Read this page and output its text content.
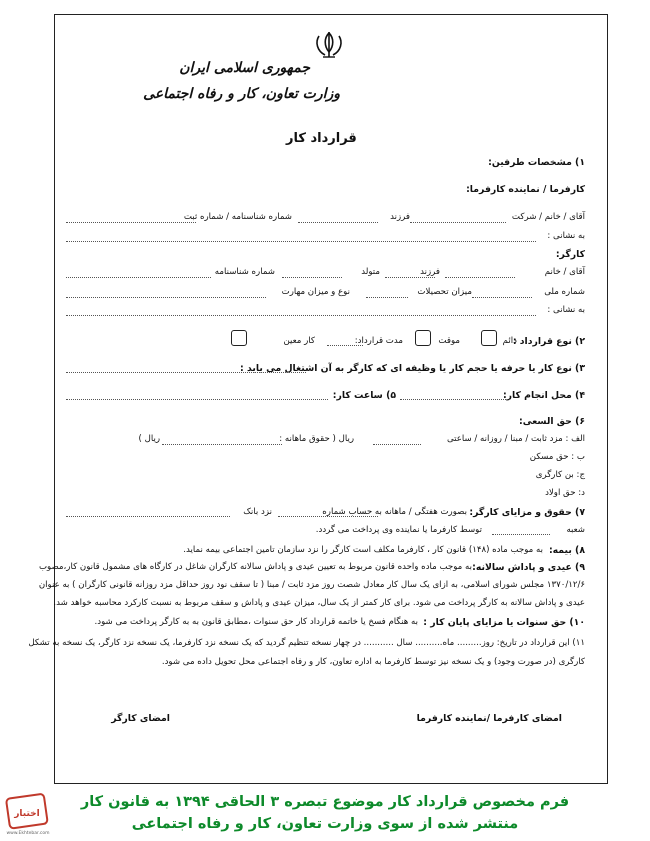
جمهوری اسلامی ایران
وزارت تعاون، کار و رفاه اجتماعی
قرارداد کار
۱) مشخصات طرفین:
کارفرما / نماینده کارفرما:
آقای / خانم / شرکت
فرزند
شماره شناسنامه / شماره ثبت
به نشانی :
کارگر:
آقای / خانم
فرزند
متولد
شماره شناسنامه
شماره ملی
میزان تحصیلات
نوع و میزان مهارت
به نشانی :
۲) نوع قرارداد :
دائم
موقت
مدت قرارداد:
کار معین
۳) نوع کار یا حرفه یا حجم کار یا وظیفه ای که کارگر به آن اشتغال می یابد :
۴) محل انجام کار:
۵) ساعت کار:
۶) حق السعی:
الف : مزد ثابت / مبنا / روزانه / ساعتی
ریال ( حقوق ماهانه :
ریال )
ب : حق مسکن
ج: بن کارگری
د: حق اولاد
۷) حقوق و مزایای کارگر:
بصورت هفتگی / ماهانه به حساب شماره
نزد بانک
شعبه
توسط کارفرما یا نماینده وی پرداخت می گردد.
۸) بیمه:
به موجب ماده (۱۴۸) قانون کار ، کارفرما مکلف است کارگر را نزد سازمان تامین اجتماعی بیمه نماید.
۹) عیدی و پاداش سالانه:
به موجب ماده واحده قانون مربوط به تعیین عیدی و پاداش سالانه کارگران شاغل در کارگاه های مشمول قانون کار،مصوب
۱۳۷۰/۱۲/۶ مجلس شورای اسلامی، به ازای یک سال کار معادل شصت روز مزد ثابت / مبنا ( تا سقف نود روز حداقل مزد روزانه قانونی کارگران ) به عنوان
عیدی و پاداش سالانه به کارگر پرداخت می شود. برای کار کمتر از یک سال، میزان عیدی و پاداش و سقف مربوط به نسبت کارکرد محاسبه خواهد شد.
۱۰) حق سنوات یا مزایای پایان کار :
به هنگام فسخ یا خاتمه قرارداد کار حق سنوات ،مطابق قانون به به کارگر پرداخت می شود.
۱۱) این قرارداد در تاریخ: روز......... ماه.......... سال ........... در چهار نسخه تنظیم گردید که یک نسخه نزد کارفرما، یک نسخه نزد کارگر، یک نسخه به تشکل
کارگری (در صورت وجود) و یک نسخه نیز توسط کارفرما به اداره تعاون، کار و رفاه اجتماعی محل تحویل داده می شود.
امضای کارفرما /نماینده کارفرما
امضای کارگر
اختبار
www.Ekhtebar.com
فرم مخصوص قرارداد کار موضوع تبصره ۳ الحاقی ۱۳۹۴ به قانون کار
منتشر شده از سوی وزارت تعاون، کار و رفاه اجتماعی
